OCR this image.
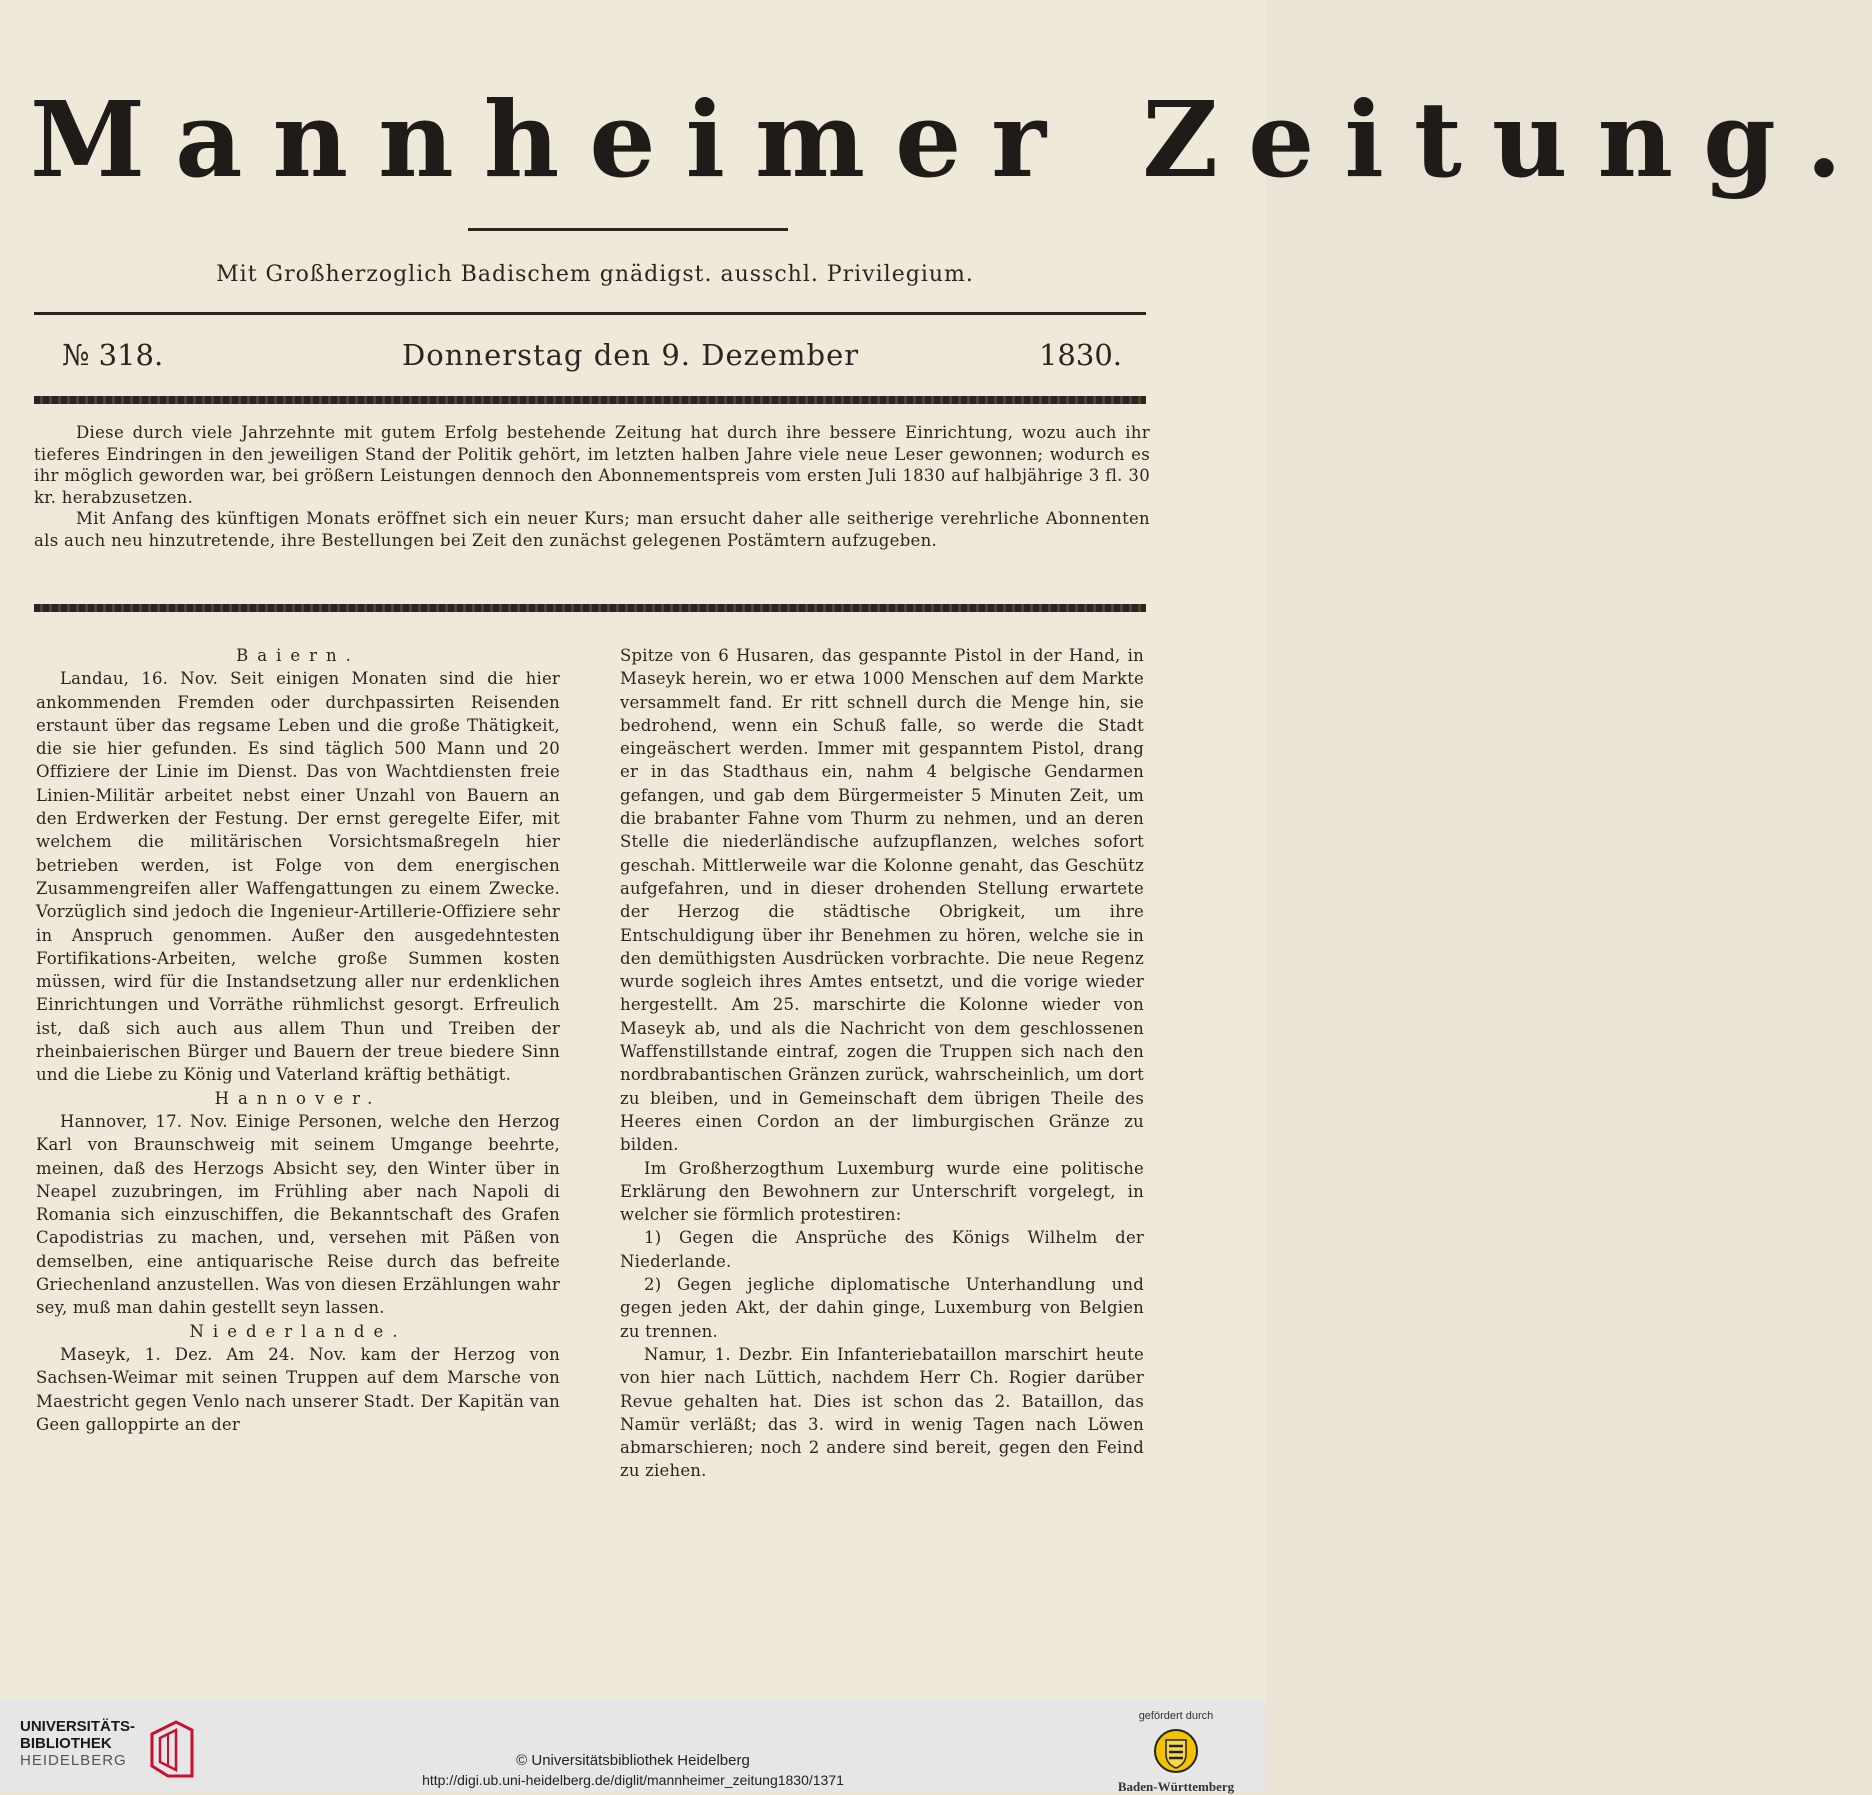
Mannheimer Zeitung.
Mit Großherzoglich Badischem gnädigst. ausschl. Privilegium.
№ 318.	Donnerstag den 9. Dezember	1830.

Diese durch viele Jahrzehnte mit gutem Erfolg bestehende Zeitung hat durch ihre bessere Einrichtung, wozu auch ihr tieferes Eindringen in den jeweiligen Stand der Politik gehört, im letzten halben Jahre viele neue Leser gewonnen; wodurch es ihr möglich geworden war, bei größern Leistungen dennoch den Abonnementspreis vom ersten Juli 1830 auf halbjährige 3 fl. 30 kr. herabzusetzen.

Mit Anfang des künftigen Monats eröffnet sich ein neuer Kurs; man ersucht daher alle seitherige verehrliche Abonnenten als auch neu hinzutretende, ihre Bestellungen bei Zeit den zunächst gelegenen Postämtern aufzugeben.

Baiern.

Landau, 16. Nov. Seit einigen Monaten sind die hier ankommenden Fremden oder durchpassirten Reisenden erstaunt über das regsame Leben und die große Thätigkeit, die sie hier gefunden. Es sind täglich 500 Mann und 20 Offiziere der Linie im Dienst. Das von Wachtdiensten freie Linien-Militär arbeitet nebst einer Unzahl von Bauern an den Erdwerken der Festung. Der ernst geregelte Eifer, mit welchem die militärischen Vorsichtsmaßregeln hier betrieben werden, ist Folge von dem energischen Zusammengreifen aller Waffengattungen zu einem Zwecke. Vorzüglich sind jedoch die Ingenieur-Artillerie-Offiziere sehr in Anspruch genommen. Außer den ausgedehntesten Fortifikations-Arbeiten, welche große Summen kosten müssen, wird für die Instandsetzung aller nur erdenklichen Einrichtungen und Vorräthe rühmlichst gesorgt. Erfreulich ist, daß sich auch aus allem Thun und Treiben der rheinbaierischen Bürger und Bauern der treue biedere Sinn und die Liebe zu König und Vaterland kräftig bethätigt.

Hannover.

Hannover, 17. Nov. Einige Personen, welche den Herzog Karl von Braunschweig mit seinem Umgange beehrte, meinen, daß des Herzogs Absicht sey, den Winter über in Neapel zuzubringen, im Frühling aber nach Napoli di Romania sich einzuschiffen, die Bekanntschaft des Grafen Capodistrias zu machen, und, versehen mit Päßen von demselben, eine antiquarische Reise durch das befreite Griechenland anzustellen. Was von diesen Erzählungen wahr sey, muß man dahin gestellt seyn lassen.

Niederlande.

Maseyk, 1. Dez. Am 24. Nov. kam der Herzog von Sachsen-Weimar mit seinen Truppen auf dem Marsche von Maestricht gegen Venlo nach unserer Stadt. Der Kapitän van Geen galloppirte an der

Spitze von 6 Husaren, das gespannte Pistol in der Hand, in Maseyk herein, wo er etwa 1000 Menschen auf dem Markte versammelt fand. Er ritt schnell durch die Menge hin, sie bedrohend, wenn ein Schuß falle, so werde die Stadt eingeäschert werden. Immer mit gespanntem Pistol, drang er in das Stadthaus ein, nahm 4 belgische Gendarmen gefangen, und gab dem Bürgermeister 5 Minuten Zeit, um die brabanter Fahne vom Thurm zu nehmen, und an deren Stelle die niederländische aufzupflanzen, welches sofort geschah. Mittlerweile war die Kolonne genaht, das Geschütz aufgefahren, und in dieser drohenden Stellung erwartete der Herzog die städtische Obrigkeit, um ihre Entschuldigung über ihr Benehmen zu hören, welche sie in den demüthigsten Ausdrücken vorbrachte. Die neue Regenz wurde sogleich ihres Amtes entsetzt, und die vorige wieder hergestellt. Am 25. marschirte die Kolonne wieder von Maseyk ab, und als die Nachricht von dem geschlossenen Waffenstillstande eintraf, zogen die Truppen sich nach den nordbrabantischen Gränzen zurück, wahrscheinlich, um dort zu bleiben, und in Gemeinschaft dem übrigen Theile des Heeres einen Cordon an der limburgischen Gränze zu bilden.

Im Großherzogthum Luxemburg wurde eine politische Erklärung den Bewohnern zur Unterschrift vorgelegt, in welcher sie förmlich protestiren:

1) Gegen die Ansprüche des Königs Wilhelm der Niederlande.

2) Gegen jegliche diplomatische Unterhandlung und gegen jeden Akt, der dahin ginge, Luxemburg von Belgien zu trennen.

Namur, 1. Dezbr. Ein Infanteriebataillon marschirt heute von hier nach Lüttich, nachdem Herr Ch. Rogier darüber Revue gehalten hat. Dies ist schon das 2. Bataillon, das Namür verläßt; das 3. wird in wenig Tagen nach Löwen abmarschieren; noch 2 andere sind bereit, gegen den Feind zu ziehen.

UNIVERSITÄTS-
BIBLIOTHEK
HEIDELBERG	© Universitätsbibliothek Heidelberg
http://digi.ub.uni-heidelberg.de/diglit/mannheimer_zeitung1830/1371
gefördert durch
Baden-Württemberg
